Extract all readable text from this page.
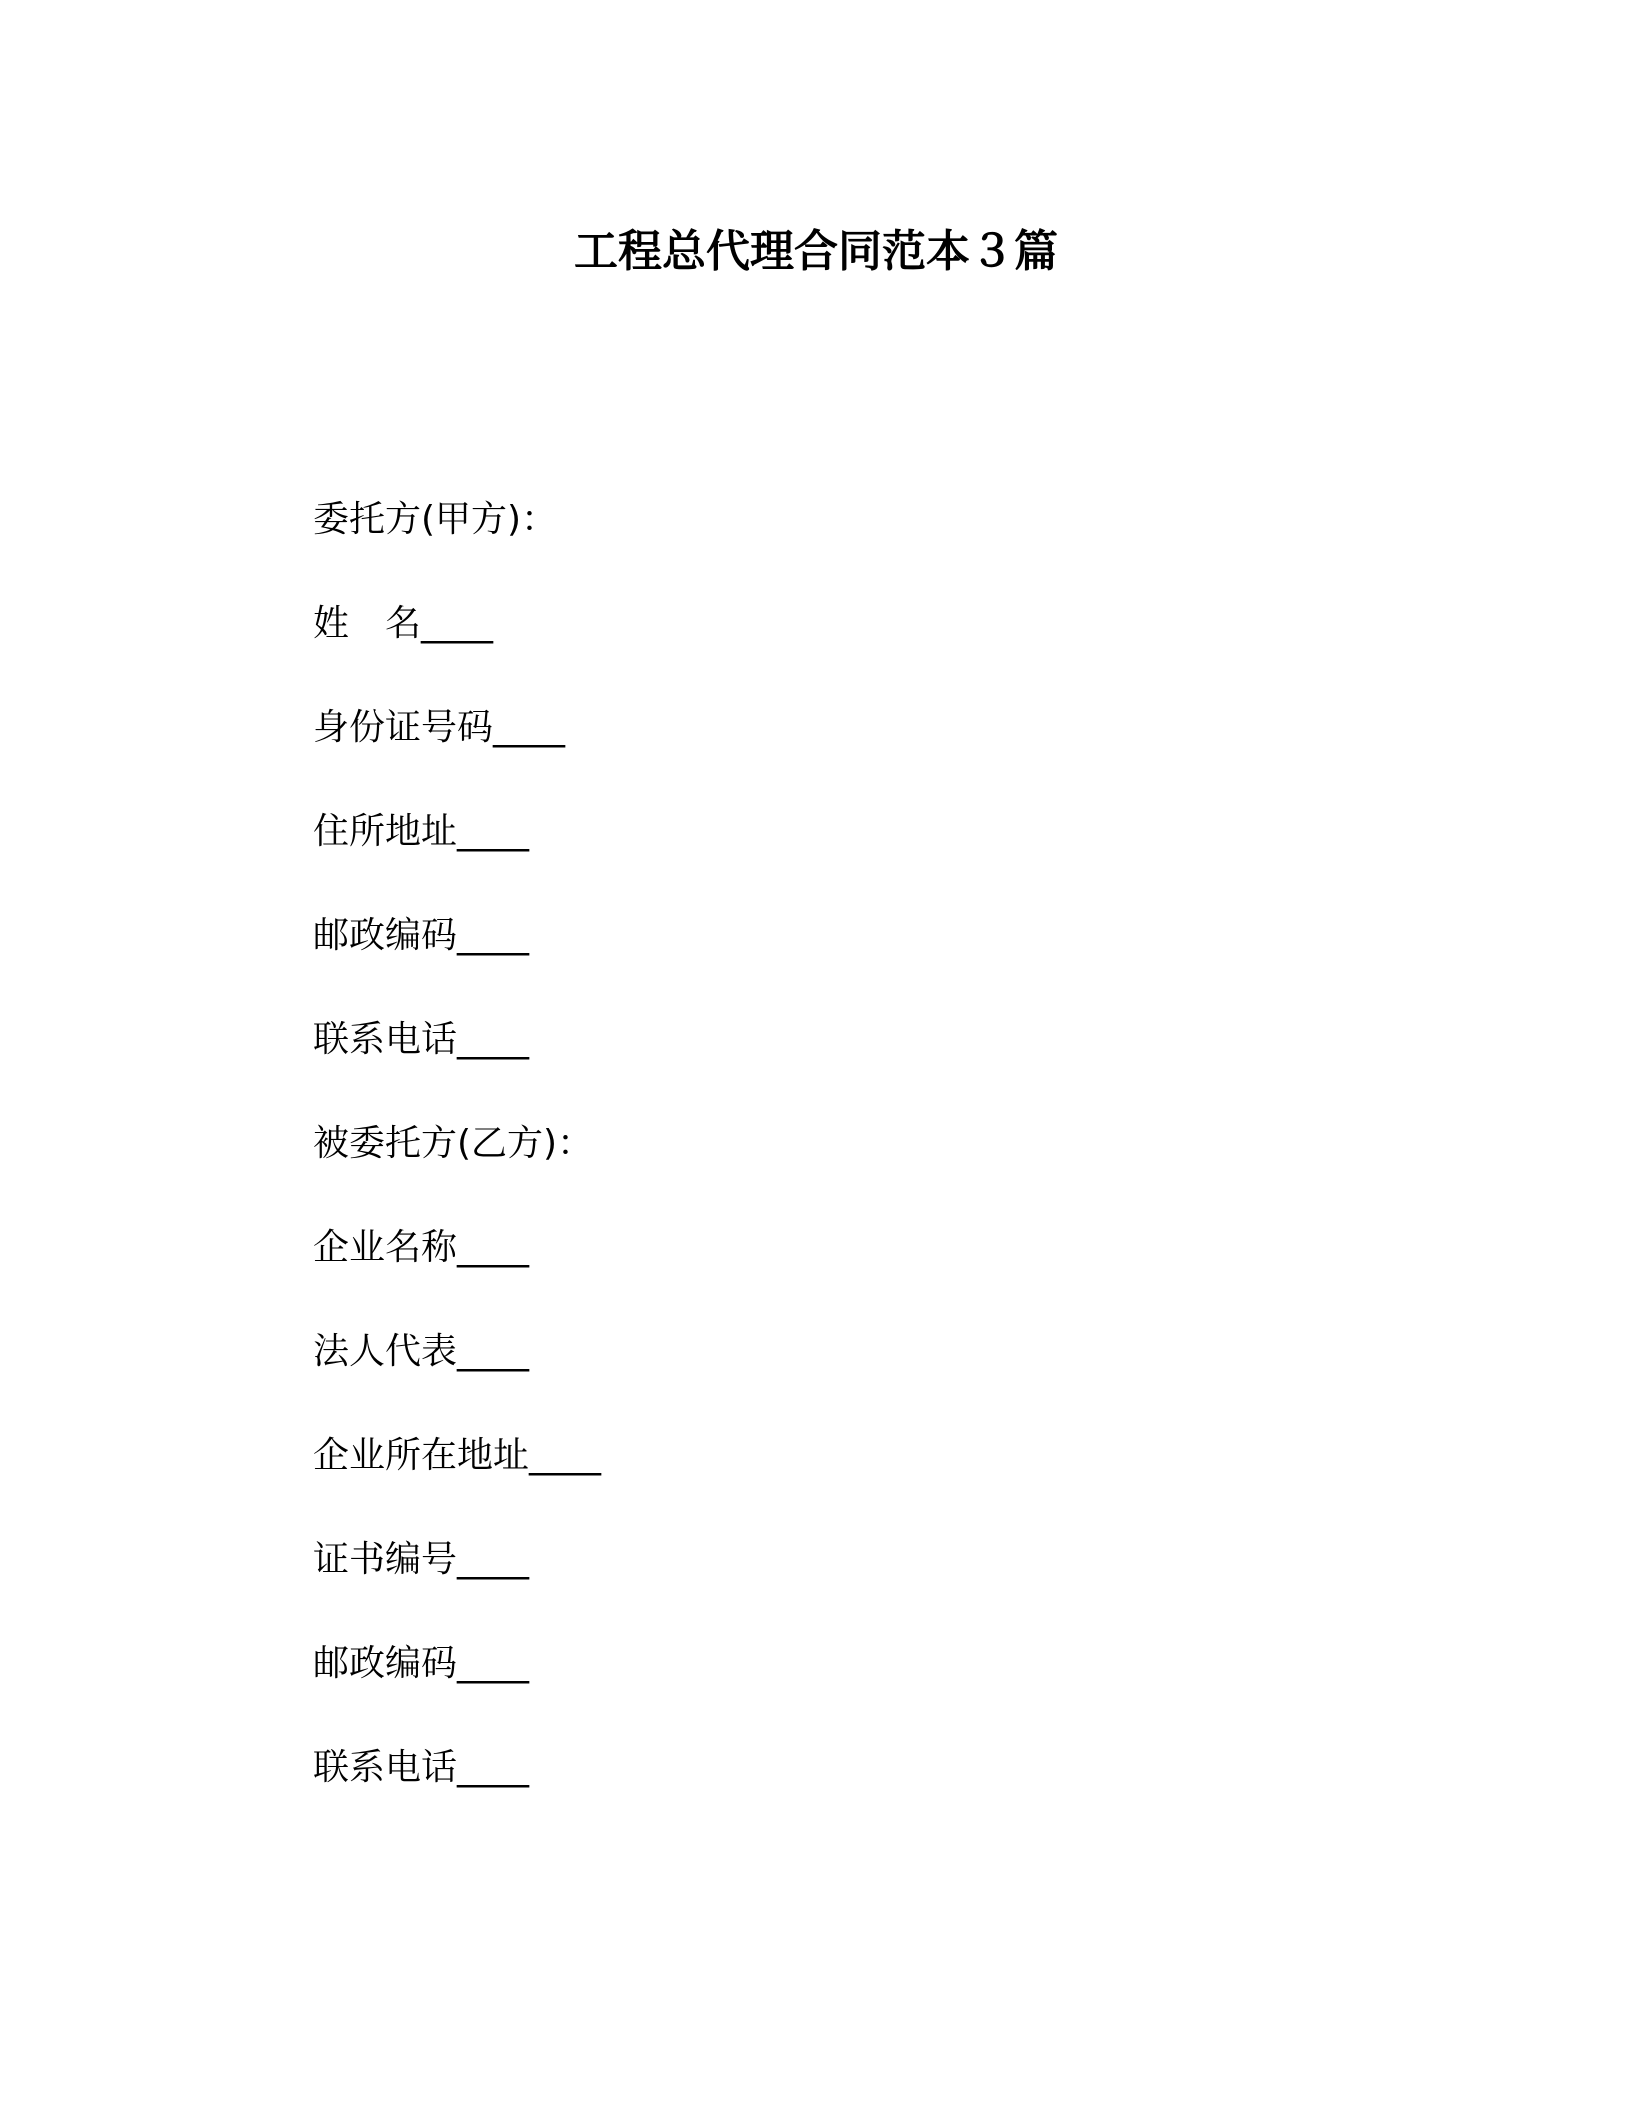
工程总代理合同范本３篇
委托方(甲方)：
姓　名____
身份证号码____
住所地址____
邮政编码____
联系电话____
被委托方(乙方)：
企业名称____
法人代表____
企业所在地址____
证书编号____
邮政编码____
联系电话____
